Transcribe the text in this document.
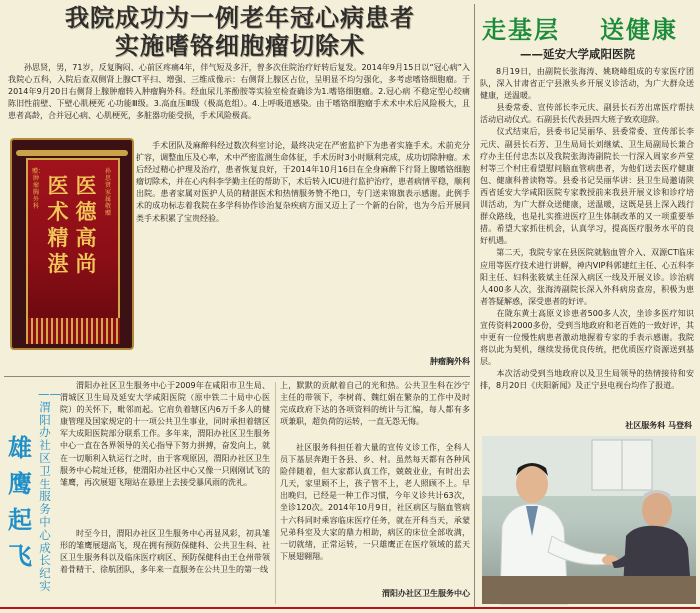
我院成功为一例老年冠心病患者
实施嗜铬细胞瘤切除术
孙思贤，男，71岁，反复胸闷、心前区疼痛4年，伴气短及多汗，曾多次住院治疗好转后复发。2014年9月15日以“冠心病”入我院心五科，入院后查双侧肾上腺CT平扫、增强、三维成像示：右侧肾上腺区占位，呈明显不均匀强化，多考虑嗜铬细胞瘤。于2014年9月20日右侧肾上腺肿瘤转入肿瘤胸外科。经血尿儿茶酚胺等实验室检查确诊为1.嗜铬细胞瘤。2.冠心病 不稳定型心绞痛 陈旧性前壁、下壁心肌梗死 心功能Ⅲ级。3.高血压Ⅲ级（极高危组）。4.上呼吸道感染。由于嗜铬细胞瘤手术术中术后风险极大，且患者高龄，合并冠心病、心肌梗死，多脏器功能受损，手术风险极高。
医
德
高
尚
医
术
精
湛
孙思贤家属敬赠
赠：肿瘤胸外科
手术团队及麻醉科经过数次科室讨论，最终决定在严密监护下为患者实施手术。术前充分扩容，调整血压及心率，术中严密监测生命体征，手术历时3小时顺利完成，成功切除肿瘤。术后经过精心护理及治疗，患者恢复良好，于2014年10月16日在全身麻醉下行肾上腺嗜铬细胞瘤切除术，并在心内科李学勤主任的帮助下，术后转入ICU进行监护治疗，患者病情平稳，顺利出院。患者家属对医护人员的精湛医术和热情服务赞不绝口，专门送来锦旗表示感谢。此例手术的成功标志着我院在多学科协作诊治复杂疾病方面又迈上了一个新的台阶，也为今后开展同类手术积累了宝贵经验。
肿瘤胸外科
雄
鹰
起
飞
——渭阳办社区卫生服务中心成长纪实
渭阳办社区卫生服务中心于2009年在咸阳市卫生局、渭城区卫生局及延安大学咸阳医院（原中铁二十局中心医院）的关怀下，毗邻而起。它肩负着辖区内6万千多人的健康管理及国家规定的十一项公共卫生事业，同时承担着辖区军大成阳医院部分联系工作。多年来，渭阳办社区卫生服务中心一直在各界领导的关心指导下努力拼搏，奋发向上，就在一切顺利入轨运行之时，由于客观原因，渭阳办社区卫生服务中心院址迁移，使渭阳办社区中心又像一只刚刚试飞的雏鹰，再次展翅飞翔站在悬崖上去接受暴风雨的洗礼。
时至今日，渭阳办社区卫生服务中心再显风彩，初具雏形的雏鹰展翅高飞，现在拥有预防保健科、公共卫生科、社区卫生服务科以及临床医疗病区、预防保健科由王仓州带领着骨精干、徐航团队，多年来一直服务在公共卫生的第一线
上，默默的贡献着自己的光和热。公共卫生科在沙宁主任的带领下，李树蒋、魏红娟在繁杂的工作中及时完成政府下达的各项资料的统计与汇编，每人都有多项兼职，超负荷的运转，一直无怨无悔。
社区服务科担任着大量的宣传义诊工作，全科人员下基层奔跑于各县、乡、村。虽然每天都有各种风险伴随着，但大家都认真工作，兢兢业业，有时出去几天，家里顾不上，孩子管不上，老人照顾不上。早出晚归，已经是一种工作习惯，今年义诊共计63次，坐诊120次。2014年10月9日，社区病区与脑血管病十六科同时乘容临床医疗任务，就在开科当天，承蒙兄弟科室及大家的鼎力相助，病区的床位全部收满，一切就绪，正常运转，一只雄鹰正在医疗领域的蓝天下展翅翱翔。
渭阳办社区卫生服务中心
走基层 送健康
——延安大学咸阳医院
8月19日，由副院长张海涛、姚晓峰组成的专家医疗团队，深入甘肃省正宁县湫头乡开展义诊活动，为广大群众送健康，送温暖。
　　县委常委、宣传部长李元庆、副县长石芳出席医疗帮扶活动启动仪式。石副县长代表县四大班子致欢迎辞。
　　仪式结束后，县委书记吴丽华、县委常委、宣传部长李元庆、副县长石芳、卫生局局长刘继斌、卫生局副局长兼合疗办主任付忠杰以及我院张海涛副院长一行深入周家乡芦堂村等三个村庄看望慰问脑血管病患者，为他们送去医疗健康包、健康科普读物等。县委书记吴丽华讲：县卫生局邀请陕西省延安大学咸阳医院专家教授前来我县开展义诊和诊疗培训活动，为广大群众送健康，送温暖，这既是县上深入践行群众路线，也是扎实推进医疗卫生体制改革的又一项重要举措。希望大家抓住机会，认真学习，提高医疗服务水平的良好机遇。
　　第二天，我院专家在县医院就脑血管介入、双源CT临床应用等医疗技术进行讲解，神内VIP科郭建红主任、心五科李阳主任、妇科张筱斌主任深入病区一线及开展义诊。诊治病人400多人次，张海涛副院长深入外科病房查房，积极为患者答疑解惑，深受患者的好评。
　　在陇东黄土高原义诊患者500多人次，坐诊多医疗知识宣传资料2000多份，受到当地政府和老百姓的一致好评，其中更有一位慢性病患者激动地握着专家的手表示感谢。我院将以此为契机，继续发扬优良传统，把优质医疗资源送到基层。
　　本次活动受到当地政府以及卫生局领导的热情接待和安排，8月20日《庆阳新闻》及正宁县电视台均作了报道。

社区服务科 马登科
